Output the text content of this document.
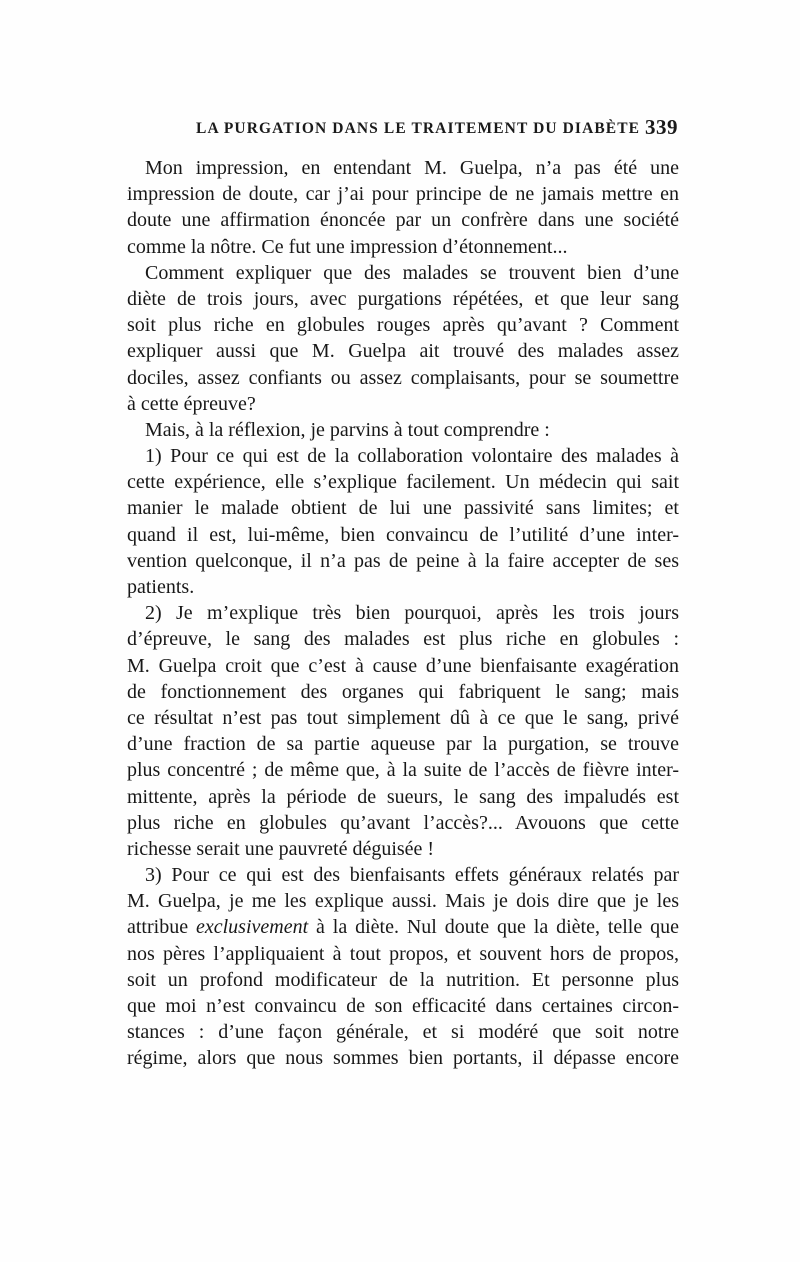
LA PURGATION DANS LE TRAITEMENT DU DIABÈTE 339
Mon impression, en entendant M. Guelpa, n’a pas été une
impression de doute, car j’ai pour principe de ne jamais mettre en
doute une affirmation énoncée par un confrère dans une société
comme la nôtre. Ce fut une impression d’étonnement...
Comment expliquer que des malades se trouvent bien d’une
diète de trois jours, avec purgations répétées, et que leur sang
soit plus riche en globules rouges après qu’avant ? Comment
expliquer aussi que M. Guelpa ait trouvé des malades assez
dociles, assez confiants ou assez complaisants, pour se soumettre
à cette épreuve?
Mais, à la réflexion, je parvins à tout comprendre :
1) Pour ce qui est de la collaboration volontaire des malades à
cette expérience, elle s’explique facilement. Un médecin qui sait
manier le malade obtient de lui une passivité sans limites; et
quand il est, lui-même, bien convaincu de l’utilité d’une inter-
vention quelconque, il n’a pas de peine à la faire accepter de ses
patients.
2) Je m’explique très bien pourquoi, après les trois jours
d’épreuve, le sang des malades est plus riche en globules :
M. Guelpa croit que c’est à cause d’une bienfaisante exagération
de fonctionnement des organes qui fabriquent le sang; mais
ce résultat n’est pas tout simplement dû à ce que le sang, privé
d’une fraction de sa partie aqueuse par la purgation, se trouve
plus concentré ; de même que, à la suite de l’accès de fièvre inter-
mittente, après la période de sueurs, le sang des impaludés est
plus riche en globules qu’avant l’accès?... Avouons que cette
richesse serait une pauvreté déguisée !
3) Pour ce qui est des bienfaisants effets généraux relatés par
M. Guelpa, je me les explique aussi. Mais je dois dire que je les
attribue exclusivement à la diète. Nul doute que la diète, telle que
nos pères l’appliquaient à tout propos, et souvent hors de propos,
soit un profond modificateur de la nutrition. Et personne plus
que moi n’est convaincu de son efficacité dans certaines circon-
stances : d’une façon générale, et si modéré que soit notre
régime, alors que nous sommes bien portants, il dépasse encore
